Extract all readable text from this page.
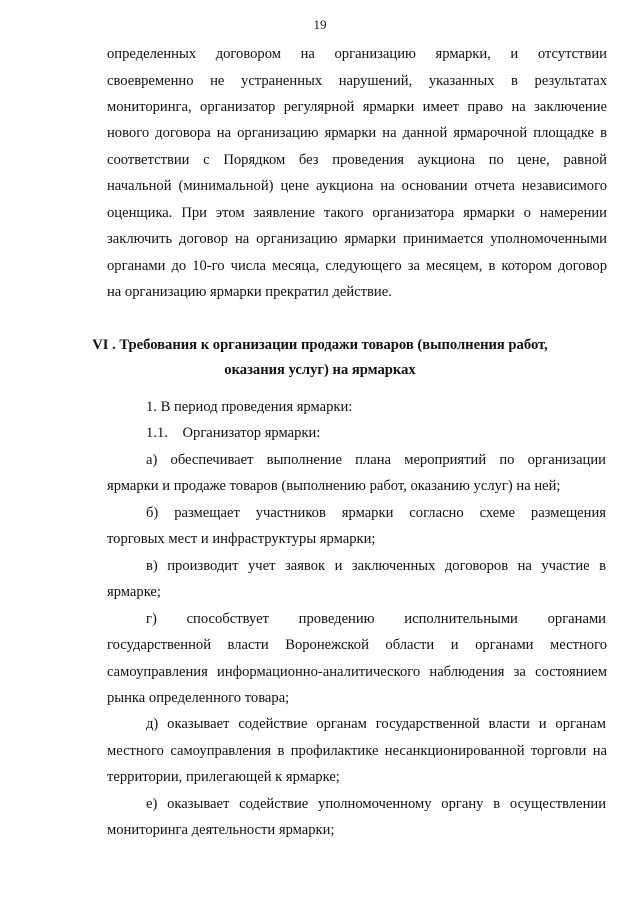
19
определенных договором на организацию ярмарки, и отсутствии
своевременно не устраненных нарушений, указанных в результатах
мониторинга, организатор регулярной ярмарки имеет право на заключение
нового договора на организацию ярмарки на данной ярмарочной площадке в
соответствии с Порядком без проведения аукциона по цене, равной
начальной (минимальной) цене аукциона на основании отчета независимого
оценщика. При этом заявление такого организатора ярмарки о намерении
заключить договор на организацию ярмарки принимается уполномоченными
органами до 10-го числа месяца, следующего за месяцем, в котором договор
на организацию ярмарки прекратил действие.
VI . Требования к организации продажи товаров (выполнения работ,
оказания услуг) на ярмарках
1. В период проведения ярмарки:
1.1.    Организатор ярмарки:
а) обеспечивает выполнение плана мероприятий по организации
ярмарки и продаже товаров (выполнению работ, оказанию услуг) на ней;
б) размещает участников ярмарки согласно схеме размещения
торговых мест и инфраструктуры ярмарки;
в) производит учет заявок и заключенных договоров на участие в
ярмарке;
г) способствует проведению исполнительными органами
государственной власти Воронежской области и органами местного
самоуправления информационно-аналитического наблюдения за состоянием
рынка определенного товара;
д) оказывает содействие органам государственной власти и органам
местного самоуправления в профилактике несанкционированной торговли на
территории, прилегающей к ярмарке;
е) оказывает содействие уполномоченному органу в осуществлении
мониторинга деятельности ярмарки;
